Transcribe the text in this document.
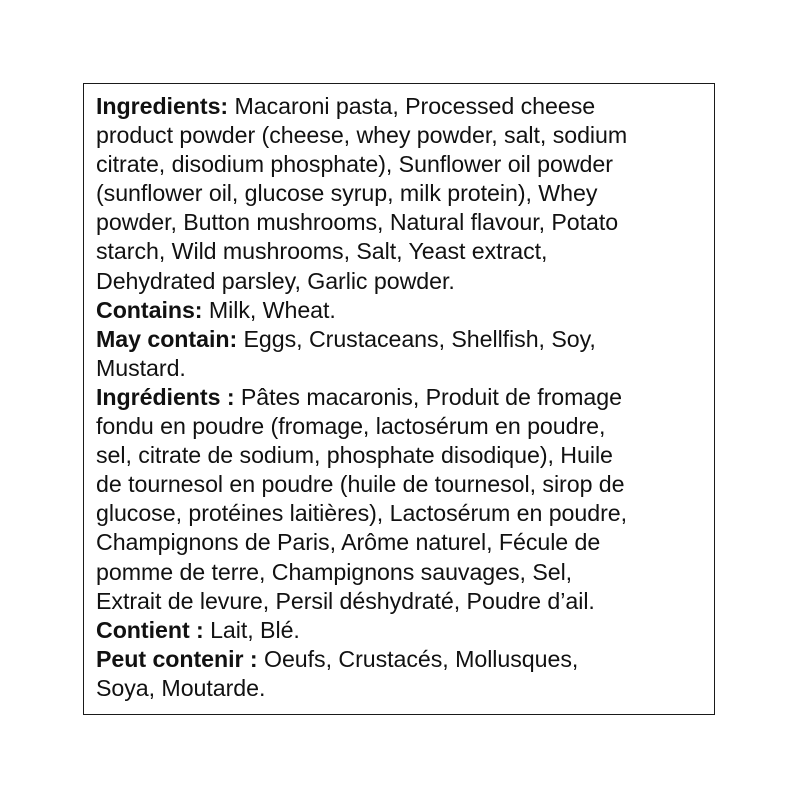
Ingredients: Macaroni pasta, Processed cheese
product powder (cheese, whey powder, salt, sodium
citrate, disodium phosphate), Sunflower oil powder
(sunflower oil, glucose syrup, milk protein), Whey
powder, Button mushrooms, Natural flavour, Potato
starch, Wild mushrooms, Salt, Yeast extract,
Dehydrated parsley, Garlic powder.
Contains: Milk, Wheat.
May contain: Eggs, Crustaceans, Shellfish, Soy,
Mustard.
Ingrédients : Pâtes macaronis, Produit de fromage
fondu en poudre (fromage, lactosérum en poudre,
sel, citrate de sodium, phosphate disodique), Huile
de tournesol en poudre (huile de tournesol, sirop de
glucose, protéines laitières), Lactosérum en poudre,
Champignons de Paris, Arôme naturel, Fécule de
pomme de terre, Champignons sauvages, Sel,
Extrait de levure, Persil déshydraté, Poudre d’ail.
Contient : Lait, Blé.
Peut contenir : Oeufs, Crustacés, Mollusques,
Soya, Moutarde.
